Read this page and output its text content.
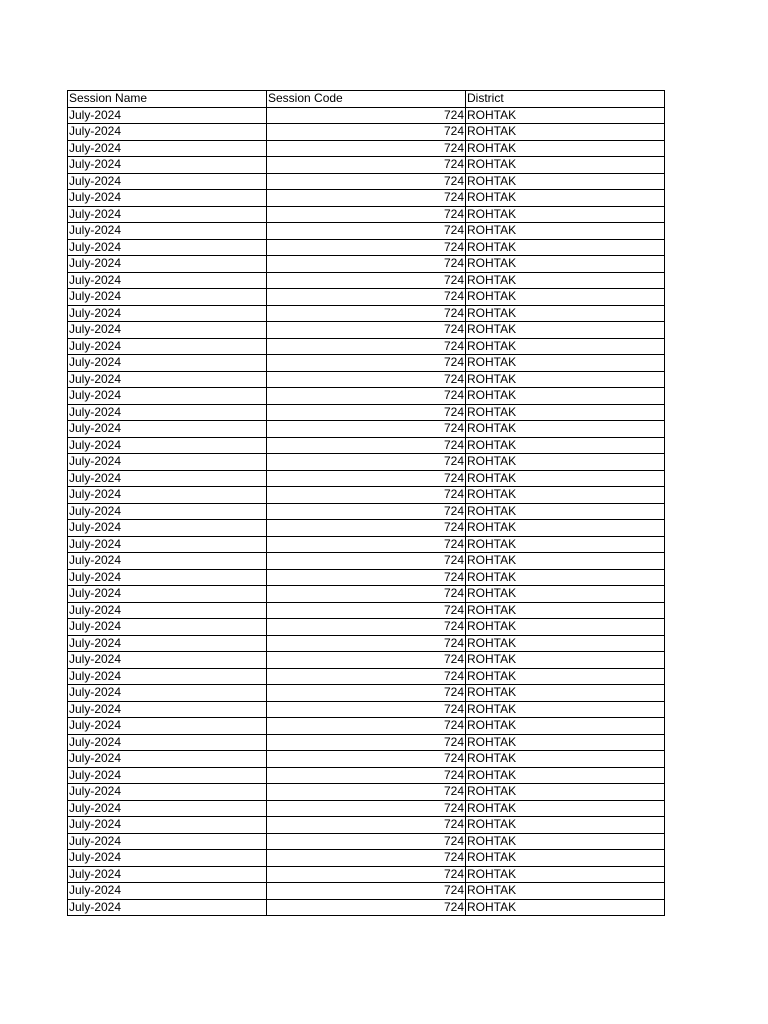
Session Name	Session Code	District
July-2024	724	ROHTAK
July-2024	724	ROHTAK
July-2024	724	ROHTAK
July-2024	724	ROHTAK
July-2024	724	ROHTAK
July-2024	724	ROHTAK
July-2024	724	ROHTAK
July-2024	724	ROHTAK
July-2024	724	ROHTAK
July-2024	724	ROHTAK
July-2024	724	ROHTAK
July-2024	724	ROHTAK
July-2024	724	ROHTAK
July-2024	724	ROHTAK
July-2024	724	ROHTAK
July-2024	724	ROHTAK
July-2024	724	ROHTAK
July-2024	724	ROHTAK
July-2024	724	ROHTAK
July-2024	724	ROHTAK
July-2024	724	ROHTAK
July-2024	724	ROHTAK
July-2024	724	ROHTAK
July-2024	724	ROHTAK
July-2024	724	ROHTAK
July-2024	724	ROHTAK
July-2024	724	ROHTAK
July-2024	724	ROHTAK
July-2024	724	ROHTAK
July-2024	724	ROHTAK
July-2024	724	ROHTAK
July-2024	724	ROHTAK
July-2024	724	ROHTAK
July-2024	724	ROHTAK
July-2024	724	ROHTAK
July-2024	724	ROHTAK
July-2024	724	ROHTAK
July-2024	724	ROHTAK
July-2024	724	ROHTAK
July-2024	724	ROHTAK
July-2024	724	ROHTAK
July-2024	724	ROHTAK
July-2024	724	ROHTAK
July-2024	724	ROHTAK
July-2024	724	ROHTAK
July-2024	724	ROHTAK
July-2024	724	ROHTAK
July-2024	724	ROHTAK
July-2024	724	ROHTAK
